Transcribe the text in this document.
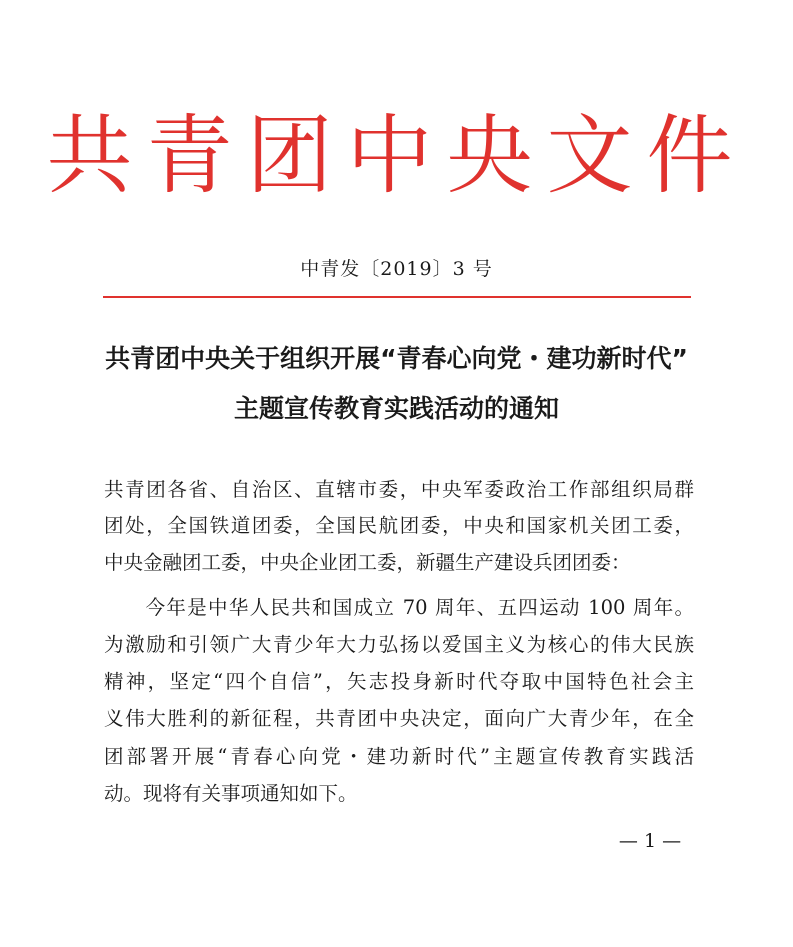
共青团中央文件
中青发〔2019〕3 号
共青团中央关于组织开展“青春心向党・建功新时代”
主题宣传教育实践活动的通知
共青团各省、自治区、直辖市委，中央军委政治工作部组织局群
团处，全国铁道团委，全国民航团委，中央和国家机关团工委，
中央金融团工委，中央企业团工委，新疆生产建设兵团团委：
　　今年是中华人民共和国成立 70 周年、五四运动 100 周年。
为激励和引领广大青少年大力弘扬以爱国主义为核心的伟大民族
精神，坚定“四个自信”，矢志投身新时代夺取中国特色社会主
义伟大胜利的新征程，共青团中央决定，面向广大青少年，在全
团部署开展“青春心向党・建功新时代”主题宣传教育实践活
动。现将有关事项通知如下。
— 1 —
